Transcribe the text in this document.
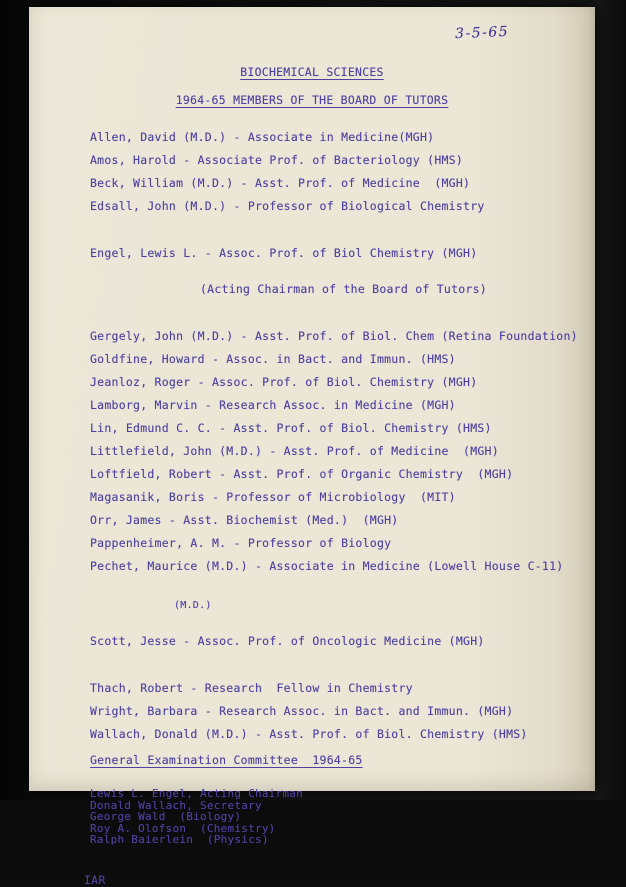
3-5-65
BIOCHEMICAL SCIENCES
1964-65 MEMBERS OF THE BOARD OF TUTORS
Allen, David (M.D.) - Associate in Medicine(MGH)
Amos, Harold - Associate Prof. of Bacteriology (HMS)
Beck, William (M.D.) - Asst. Prof. of Medicine  (MGH)
Edsall, John (M.D.) - Professor of Biological Chemistry

Engel, Lewis L. - Assoc. Prof. of Biol Chemistry (MGH)

(Acting Chairman of the Board of Tutors)

Gergely, John (M.D.) - Asst. Prof. of Biol. Chem (Retina Foundation)
Goldfine, Howard - Assoc. in Bact. and Immun. (HMS)
Jeanloz, Roger - Assoc. Prof. of Biol. Chemistry (MGH)
Lamborg, Marvin - Research Assoc. in Medicine (MGH)
Lin, Edmund C. C. - Asst. Prof. of Biol. Chemistry (HMS)
Littlefield, John (M.D.) - Asst. Prof. of Medicine  (MGH)
Loftfield, Robert - Asst. Prof. of Organic Chemistry  (MGH)
Magasanik, Boris - Professor of Microbiology  (MIT)
Orr, James - Asst. Biochemist (Med.)  (MGH)
Pappenheimer, A. M. - Professor of Biology
Pechet, Maurice (M.D.) - Associate in Medicine (Lowell House C-11)

(M.D.)

Scott, Jesse - Assoc. Prof. of Oncologic Medicine (MGH)

Thach, Robert - Research  Fellow in Chemistry
Wright, Barbara - Research Assoc. in Bact. and Immun. (MGH)
Wallach, Donald (M.D.) - Asst. Prof. of Biol. Chemistry (HMS)
General Examination Committee  1964-65
Lewis L. Engel, Acting Chairman
Donald Wallach, Secretary
George Wald  (Biology)
Roy A. Olofson  (Chemistry)
Ralph Baierlein  (Physics)
IAR
